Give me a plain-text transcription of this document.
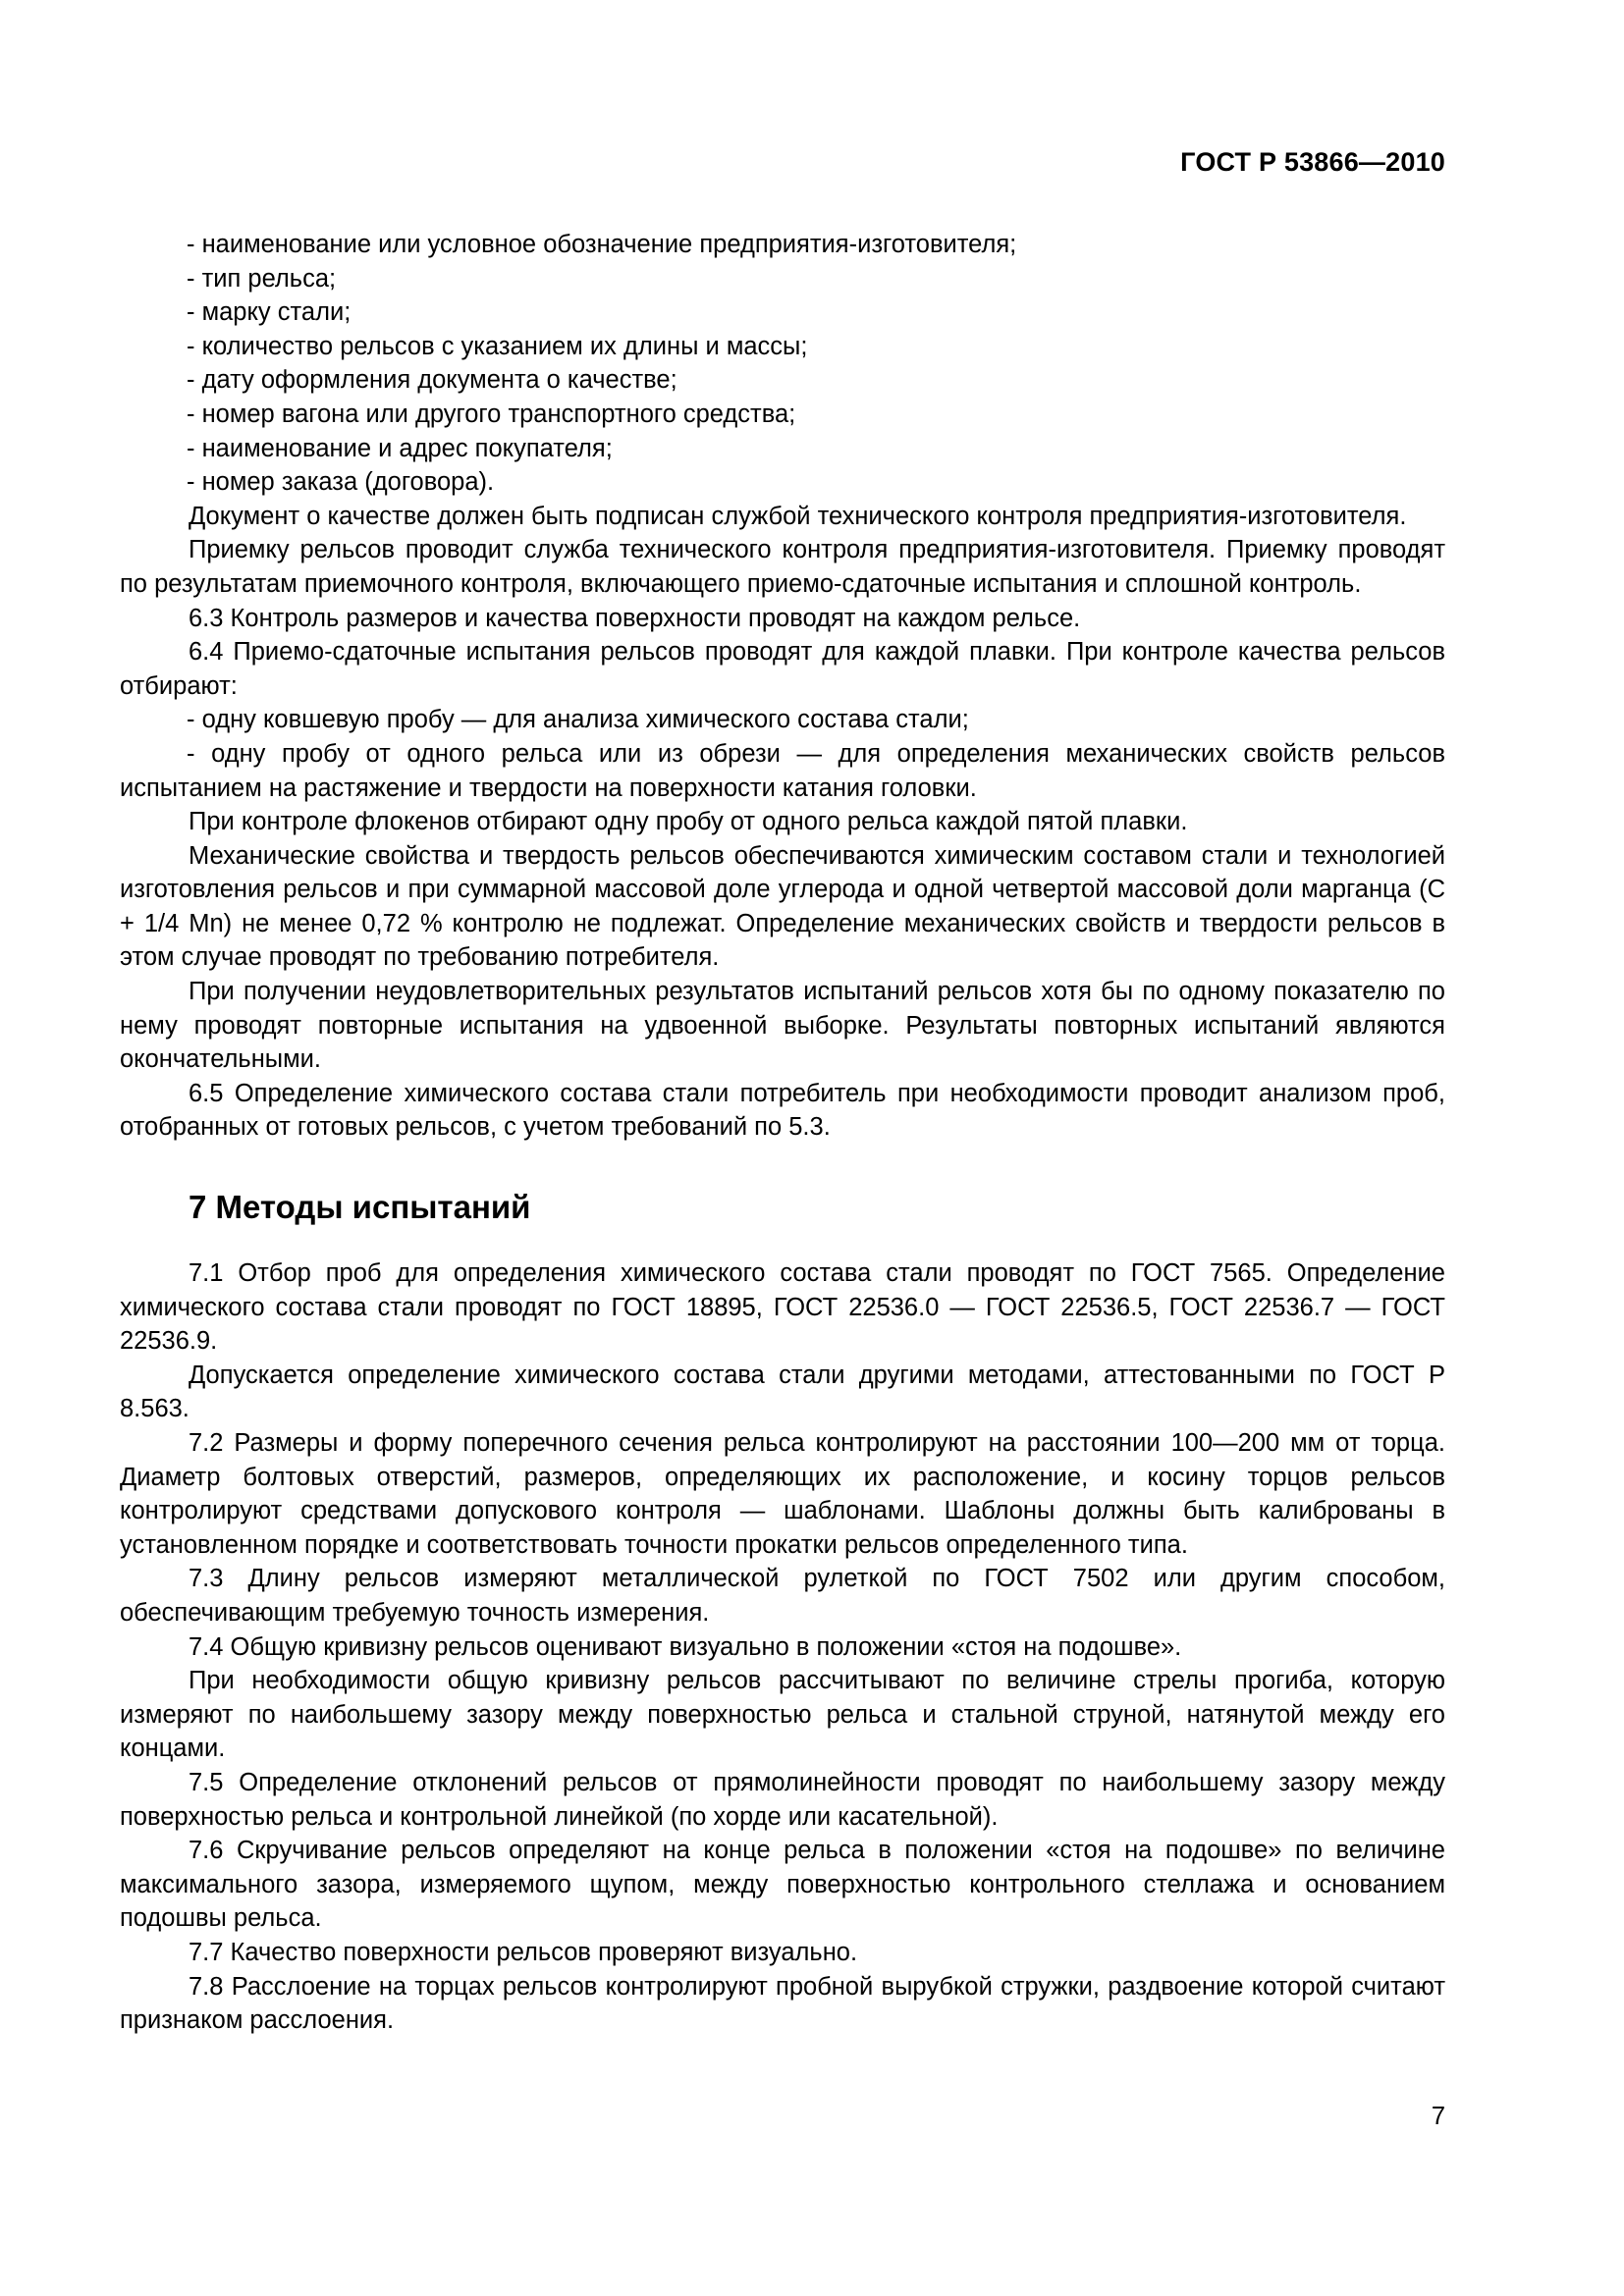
ГОСТ Р 53866—2010

- наименование или условное обозначение предприятия-изготовителя;

- тип рельса;

- марку стали;

- количество рельсов с указанием их длины и массы;

- дату оформления документа о качестве;

- номер вагона или другого транспортного средства;

- наименование и адрес покупателя;

- номер заказа (договора).

Документ о качестве должен быть подписан службой технического контроля предприятия-изготовителя.

Приемку рельсов проводит служба технического контроля предприятия-изготовителя. Приемку проводят по результатам приемочного контроля, включающего приемо-сдаточные испытания и сплошной контроль.

6.3 Контроль размеров и качества поверхности проводят на каждом рельсе.

6.4 Приемо-сдаточные испытания рельсов проводят для каждой плавки. При контроле качества рельсов отбирают:

- одну ковшевую пробу — для анализа химического состава стали;

- одну пробу от одного рельса или из обрези — для определения механических свойств рельсов испытанием на растяжение и твердости на поверхности катания головки.

При контроле флокенов отбирают одну пробу от одного рельса каждой пятой плавки.

Механические свойства и твердость рельсов обеспечиваются химическим составом стали и технологией изготовления рельсов и при суммарной массовой доле углерода и одной четвертой массовой доли марганца (C + 1/4 Mn) не менее 0,72 % контролю не подлежат. Определение механических свойств и твердости рельсов в этом случае проводят по требованию потребителя.

При получении неудовлетворительных результатов испытаний рельсов хотя бы по одному показателю по нему проводят повторные испытания на удвоенной выборке. Результаты повторных испытаний являются окончательными.

6.5 Определение химического состава стали потребитель при необходимости проводит анализом проб, отобранных от готовых рельсов, с учетом требований по 5.3.

7 Методы испытаний

7.1 Отбор проб для определения химического состава стали проводят по ГОСТ 7565. Определение химического состава стали проводят по ГОСТ 18895, ГОСТ 22536.0 — ГОСТ 22536.5, ГОСТ 22536.7 — ГОСТ 22536.9.

Допускается определение химического состава стали другими методами, аттестованными по ГОСТ Р 8.563.

7.2 Размеры и форму поперечного сечения рельса контролируют на расстоянии 100—200 мм от торца. Диаметр болтовых отверстий, размеров, определяющих их расположение, и косину торцов рельсов контролируют средствами допускового контроля — шаблонами. Шаблоны должны быть калиброваны в установленном порядке и соответствовать точности прокатки рельсов определенного типа.

7.3 Длину рельсов измеряют металлической рулеткой по ГОСТ 7502 или другим способом, обеспечивающим требуемую точность измерения.

7.4 Общую кривизну рельсов оценивают визуально в положении «стоя на подошве».

При необходимости общую кривизну рельсов рассчитывают по величине стрелы прогиба, которую измеряют по наибольшему зазору между поверхностью рельса и стальной струной, натянутой между его концами.

7.5 Определение отклонений рельсов от прямолинейности проводят по наибольшему зазору между поверхностью рельса и контрольной линейкой (по хорде или касательной).

7.6 Скручивание рельсов определяют на конце рельса в положении «стоя на подошве» по величине максимального зазора, измеряемого щупом, между поверхностью контрольного стеллажа и основанием подошвы рельса.

7.7 Качество поверхности рельсов проверяют визуально.

7.8 Расслоение на торцах рельсов контролируют пробной вырубкой стружки, раздвоение которой считают признаком расслоения.

7
